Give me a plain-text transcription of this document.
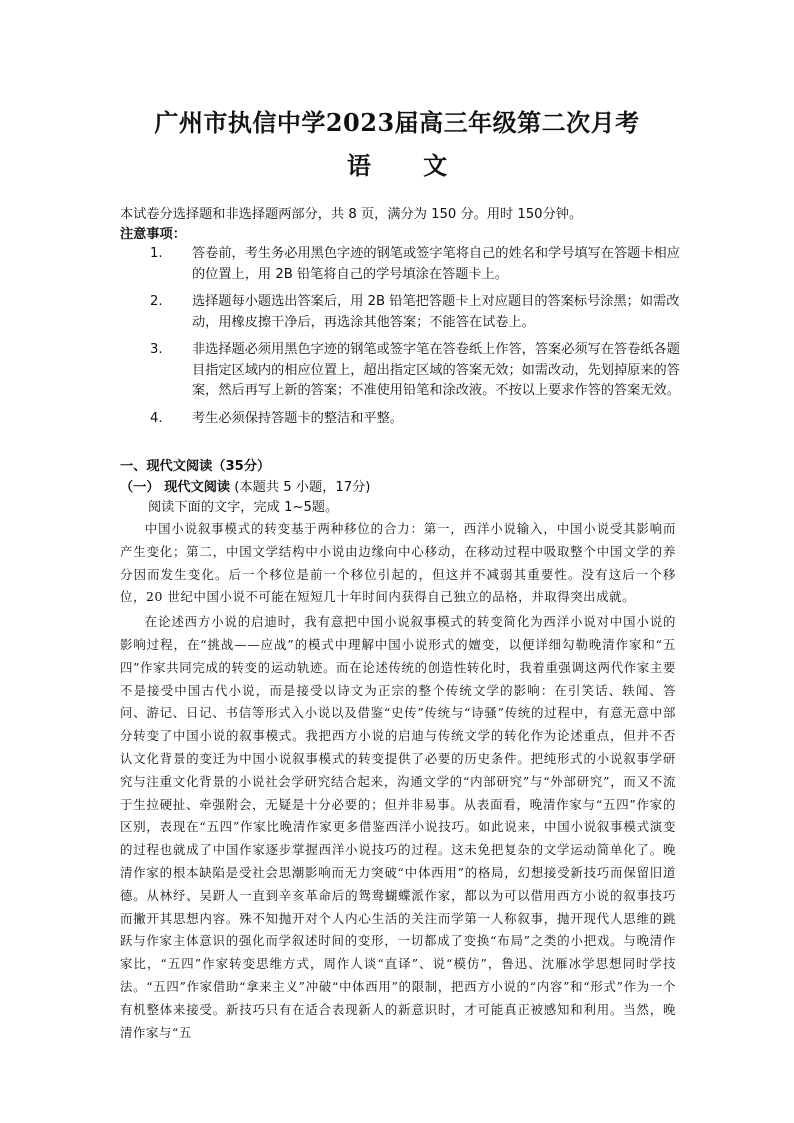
广州市执信中学2023届高三年级第二次月考
语 文
本试卷分选择题和非选择题两部分，共 8 页，满分为 150 分。用时 150分钟。
注意事项：
1.	答卷前，考生务必用黑色字迹的钢笔或签字笔将自己的姓名和学号填写在答题卡相应的位置上，用 2B 铅笔将自己的学号填涂在答题卡上。
2.	选择题每小题选出答案后，用 2B 铅笔把答题卡上对应题目的答案标号涂黑；如需改动，用橡皮擦干净后，再选涂其他答案；不能答在试卷上。
3.	非选择题必须用黑色字迹的钢笔或签字笔在答卷纸上作答，答案必须写在答卷纸各题目指定区域内的相应位置上，超出指定区域的答案无效；如需改动，先划掉原来的答案，然后再写上新的答案；不准使用铅笔和涂改液。不按以上要求作答的答案无效。
4.	考生必须保持答题卡的整洁和平整。
一、现代文阅读（35分）
（一） 现代文阅读 (本题共 5 小题，17分)
阅读下面的文字，完成 1~5题。

中国小说叙事模式的转变基于两种移位的合力：第一，西洋小说输入，中国小说受其影响而产生变化；第二，中国文学结构中小说由边缘向中心移动，在移动过程中吸取整个中国文学的养分因而发生变化。后一个移位是前一个移位引起的，但这并不减弱其重要性。没有这后一个移位，20 世纪中国小说不可能在短短几十年时间内获得自己独立的品格，并取得突出成就。

在论述西方小说的启迪时，我有意把中国小说叙事模式的转变简化为西洋小说对中国小说的影响过程，在“挑战——应战”的模式中理解中国小说形式的嬗变，以便详细勾勒晚清作家和“五四”作家共同完成的转变的运动轨迹。而在论述传统的创造性转化时，我着重强调这两代作家主要不是接受中国古代小说，而是接受以诗文为正宗的整个传统文学的影响：在引笑话、轶闻、答问、游记、日记、书信等形式入小说以及借鉴“史传”传统与“诗骚”传统的过程中，有意无意中部分转变了中国小说的叙事模式。我把西方小说的启迪与传统文学的转化作为论述重点，但并不否认文化背景的变迁为中国小说叙事模式的转变提供了必要的历史条件。把纯形式的小说叙事学研究与注重文化背景的小说社会学研究结合起来，沟通文学的“内部研究”与“外部研究”，而又不流于生拉硬扯、牵强附会，无疑是十分必要的；但并非易事。从表面看，晚清作家与“五四”作家的区别，表现在“五四”作家比晚清作家更多借鉴西洋小说技巧。如此说来，中国小说叙事模式演变的过程也就成了中国作家逐步掌握西洋小说技巧的过程。这未免把复杂的文学运动简单化了。晚清作家的根本缺陷是受社会思潮影响而无力突破“中体西用”的格局，幻想接受新技巧而保留旧道德。从林纾、吴趼人一直到辛亥革命后的鸳鸯蝴蝶派作家，都以为可以借用西方小说的叙事技巧而撇开其思想内容。殊不知抛开对个人内心生活的关注而学第一人称叙事，抛开现代人思维的跳跃与作家主体意识的强化而学叙述时间的变形，一切都成了变换“布局”之类的小把戏。与晚清作家比，“五四”作家转变思维方式，周作人谈“直译”、说“模仿”，鲁迅、沈雁冰学思想同时学技法。“五四”作家借助“拿来主义”冲破“中体西用”的限制，把西方小说的“内容”和“形式”作为一个有机整体来接受。新技巧只有在适合表现新人的新意识时，才可能真正被感知和利用。当然，晚清作家与“五
